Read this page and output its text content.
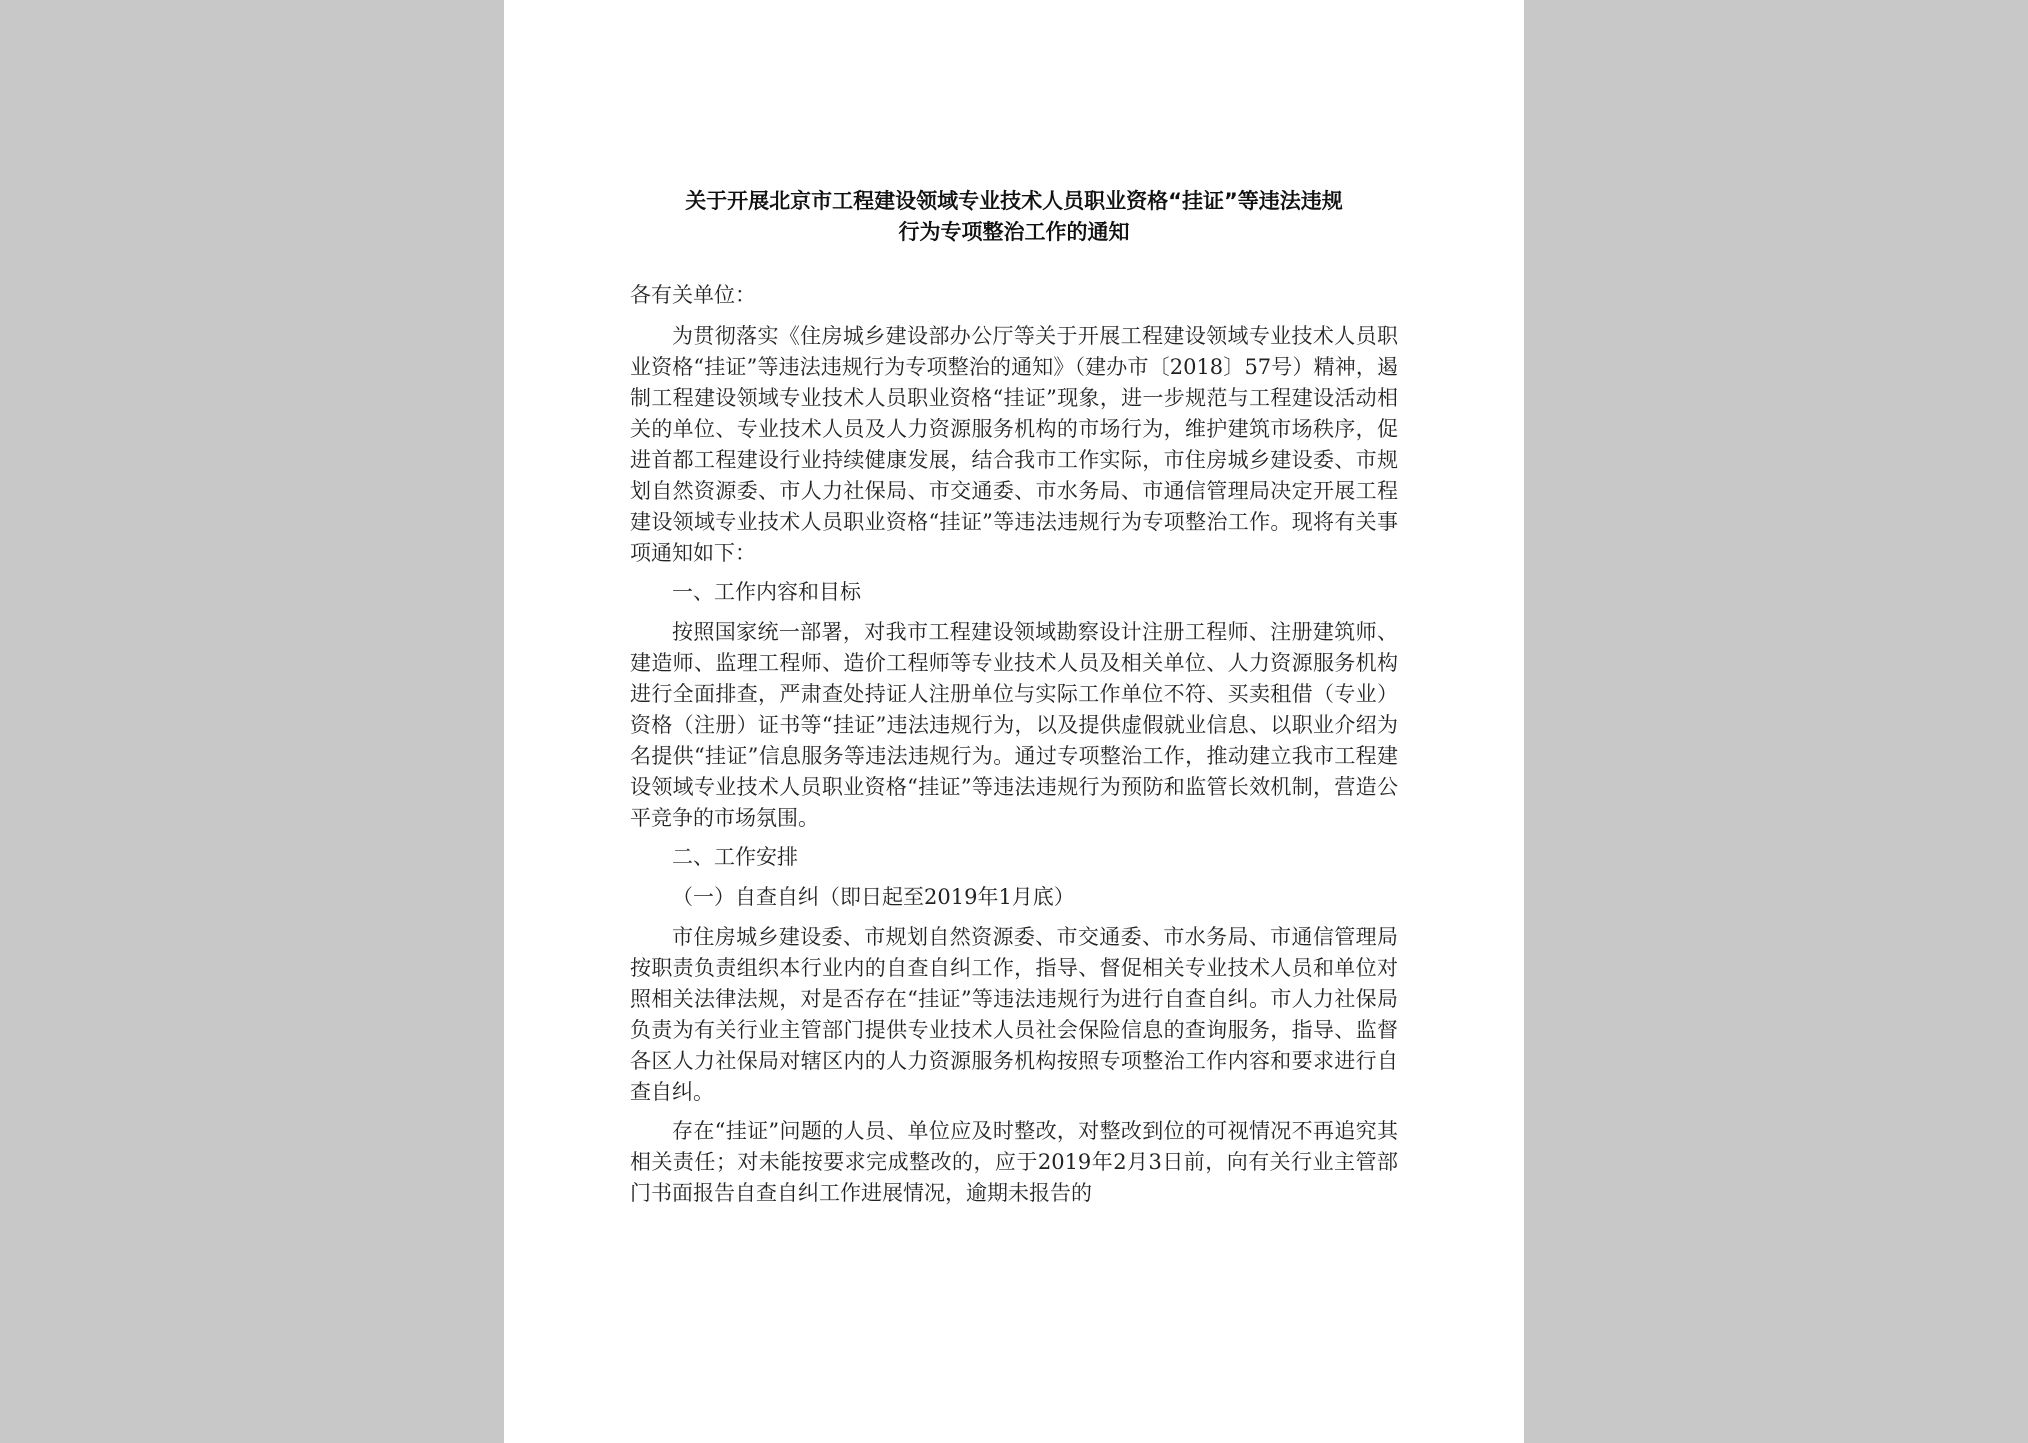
关于开展北京市工程建设领域专业技术人员职业资格“挂证”等违法违规
行为专项整治工作的通知

各有关单位：

为贯彻落实《住房城乡建设部办公厅等关于开展工程建设领域专业技术人员职业资格“挂证”等违法违规行为专项整治的通知》（建办市〔2018〕57号）精神，遏制工程建设领域专业技术人员职业资格“挂证”现象，进一步规范与工程建设活动相关的单位、专业技术人员及人力资源服务机构的市场行为，维护建筑市场秩序，促进首都工程建设行业持续健康发展，结合我市工作实际，市住房城乡建设委、市规划自然资源委、市人力社保局、市交通委、市水务局、市通信管理局决定开展工程建设领域专业技术人员职业资格“挂证”等违法违规行为专项整治工作。现将有关事项通知如下：

一、工作内容和目标

按照国家统一部署，对我市工程建设领域勘察设计注册工程师、注册建筑师、建造师、监理工程师、造价工程师等专业技术人员及相关单位、人力资源服务机构进行全面排查，严肃查处持证人注册单位与实际工作单位不符、买卖租借（专业）资格（注册）证书等“挂证”违法违规行为，以及提供虚假就业信息、以职业介绍为名提供“挂证”信息服务等违法违规行为。通过专项整治工作，推动建立我市工程建设领域专业技术人员职业资格“挂证”等违法违规行为预防和监管长效机制，营造公平竞争的市场氛围。

二、工作安排

（一）自查自纠（即日起至2019年1月底）

市住房城乡建设委、市规划自然资源委、市交通委、市水务局、市通信管理局按职责负责组织本行业内的自查自纠工作，指导、督促相关专业技术人员和单位对照相关法律法规，对是否存在“挂证”等违法违规行为进行自查自纠。市人力社保局负责为有关行业主管部门提供专业技术人员社会保险信息的查询服务，指导、监督各区人力社保局对辖区内的人力资源服务机构按照专项整治工作内容和要求进行自查自纠。

存在“挂证”问题的人员、单位应及时整改，对整改到位的可视情况不再追究其相关责任；对未能按要求完成整改的，应于2019年2月3日前，向有关行业主管部门书面报告自查自纠工作进展情况，逾期未报告的
